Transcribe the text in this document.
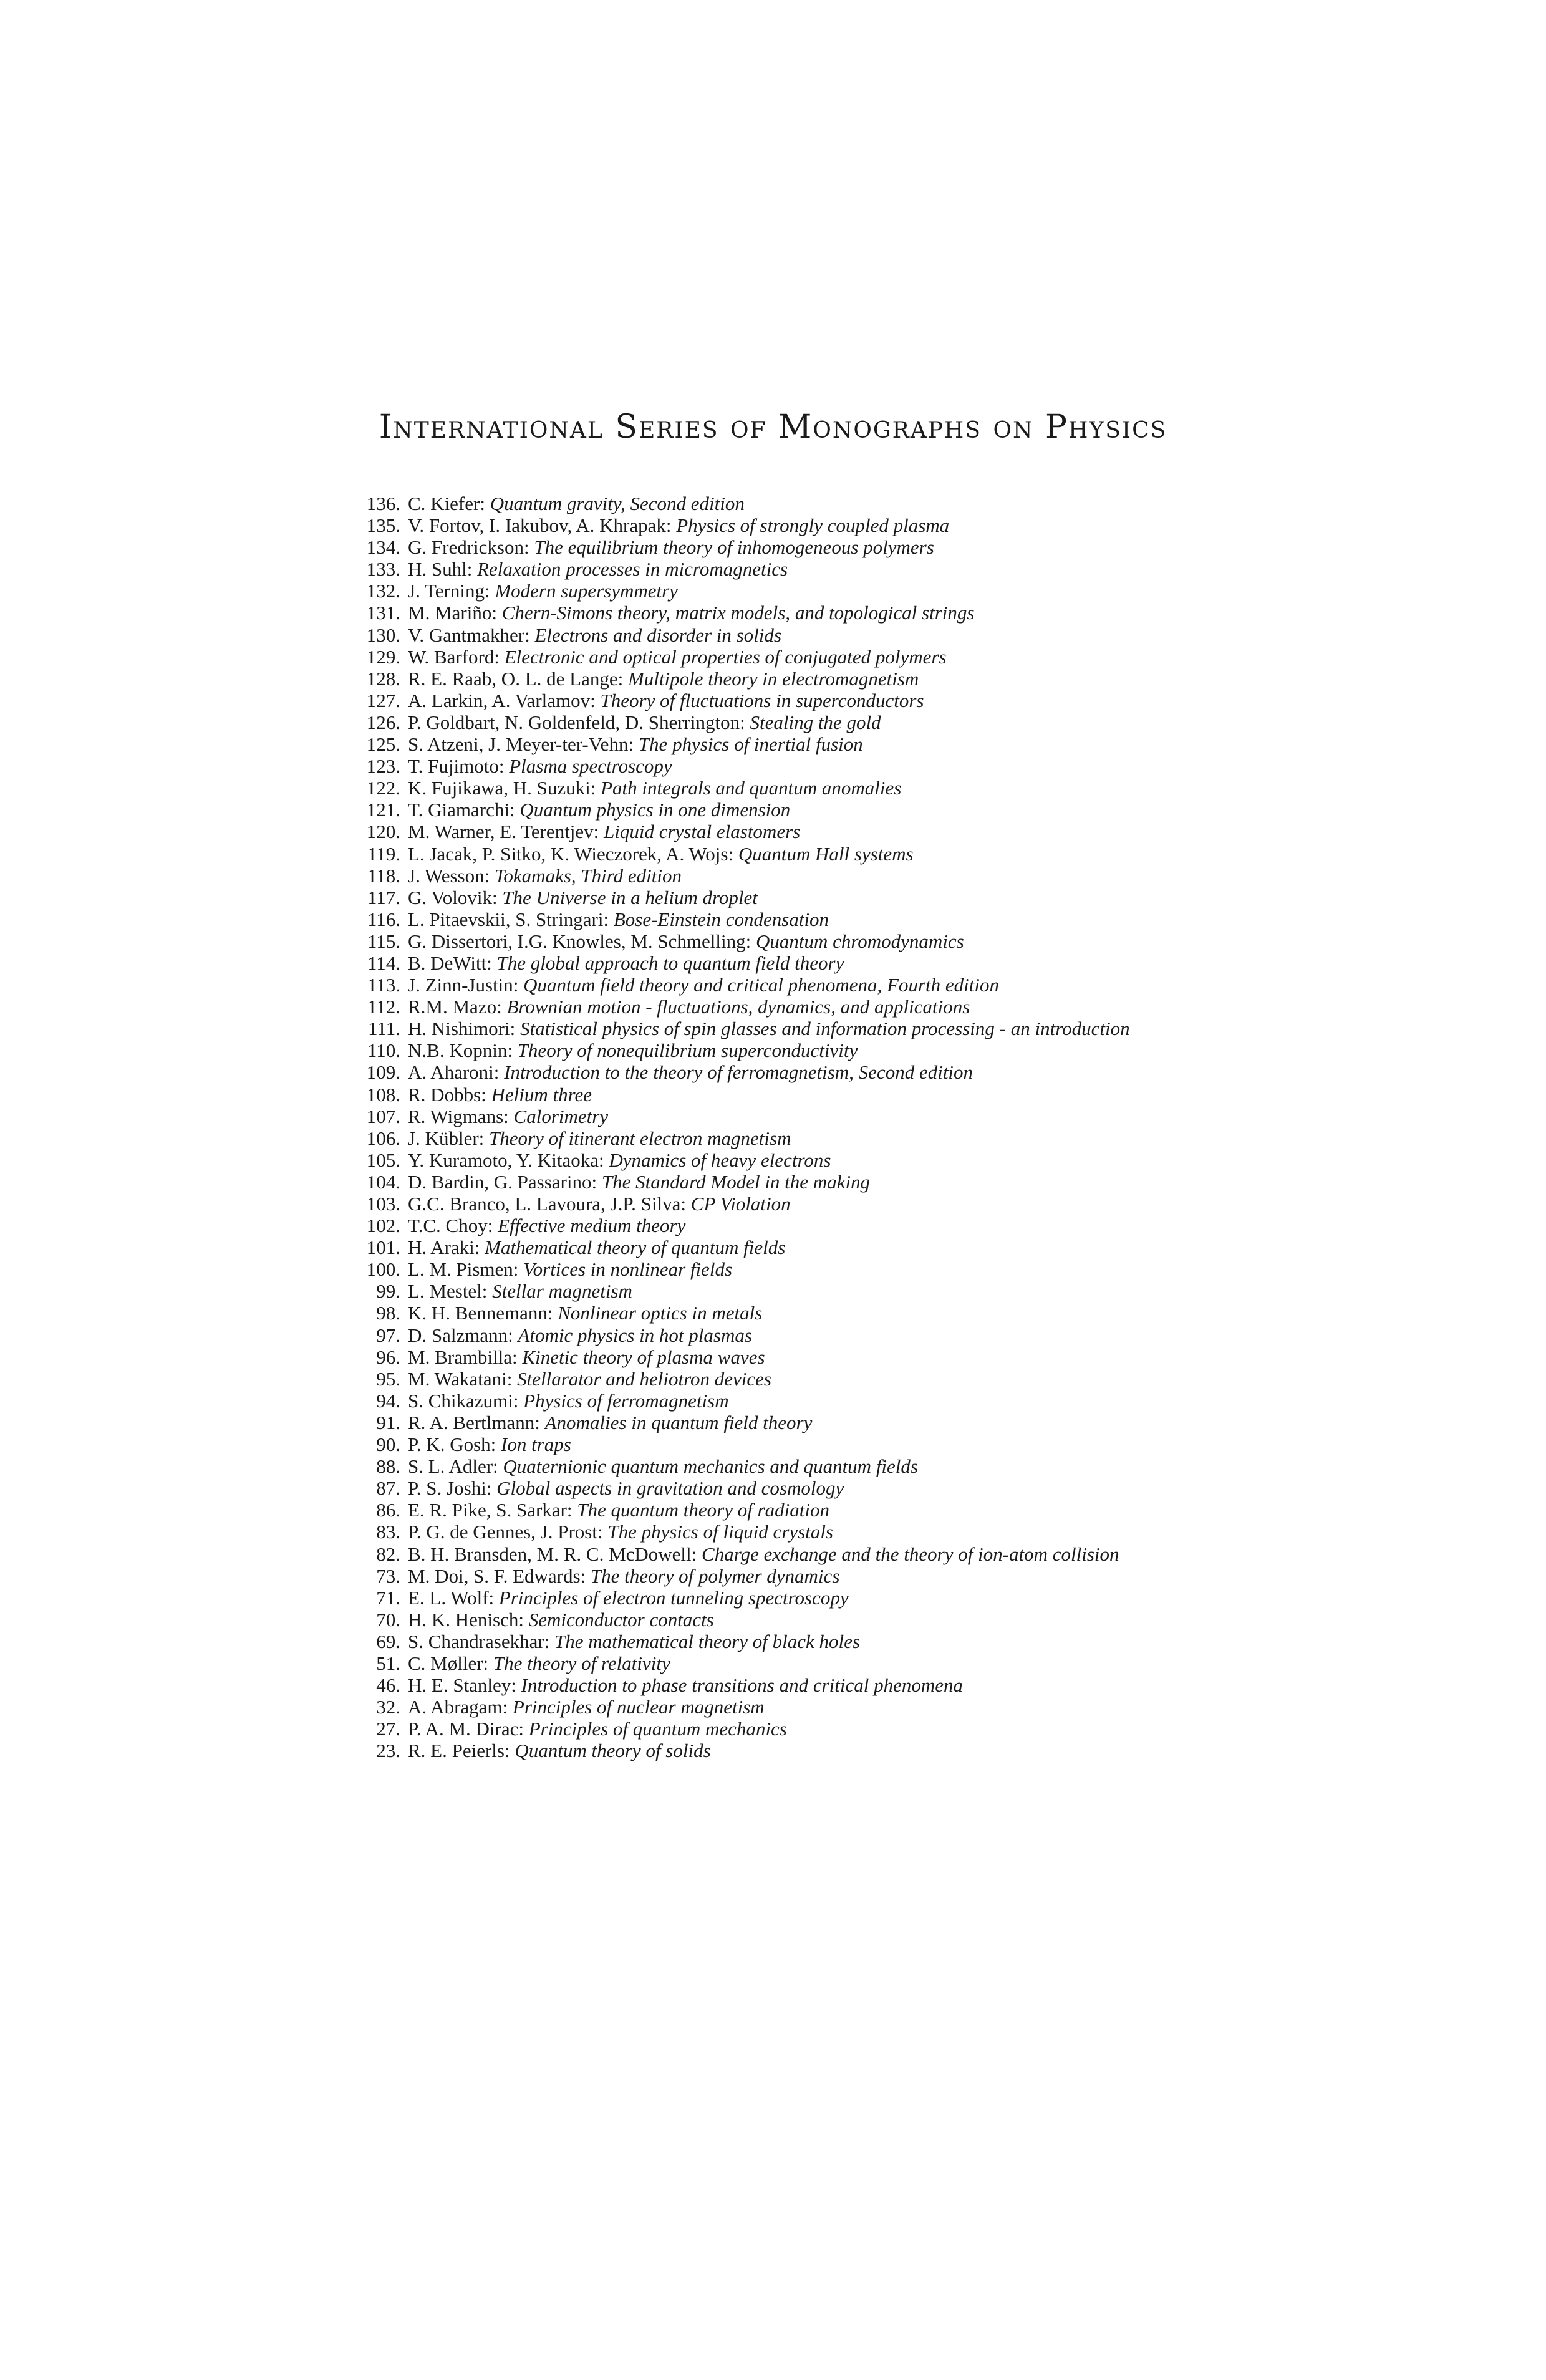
International Series of Monographs on Physics
136. C. Kiefer: Quantum gravity, Second edition
135. V. Fortov, I. Iakubov, A. Khrapak: Physics of strongly coupled plasma
134. G. Fredrickson: The equilibrium theory of inhomogeneous polymers
133. H. Suhl: Relaxation processes in micromagnetics
132. J. Terning: Modern supersymmetry
131. M. Mariño: Chern-Simons theory, matrix models, and topological strings
130. V. Gantmakher: Electrons and disorder in solids
129. W. Barford: Electronic and optical properties of conjugated polymers
128. R. E. Raab, O. L. de Lange: Multipole theory in electromagnetism
127. A. Larkin, A. Varlamov: Theory of fluctuations in superconductors
126. P. Goldbart, N. Goldenfeld, D. Sherrington: Stealing the gold
125. S. Atzeni, J. Meyer-ter-Vehn: The physics of inertial fusion
123. T. Fujimoto: Plasma spectroscopy
122. K. Fujikawa, H. Suzuki: Path integrals and quantum anomalies
121. T. Giamarchi: Quantum physics in one dimension
120. M. Warner, E. Terentjev: Liquid crystal elastomers
119. L. Jacak, P. Sitko, K. Wieczorek, A. Wojs: Quantum Hall systems
118. J. Wesson: Tokamaks, Third edition
117. G. Volovik: The Universe in a helium droplet
116. L. Pitaevskii, S. Stringari: Bose-Einstein condensation
115. G. Dissertori, I.G. Knowles, M. Schmelling: Quantum chromodynamics
114. B. DeWitt: The global approach to quantum field theory
113. J. Zinn-Justin: Quantum field theory and critical phenomena, Fourth edition
112. R.M. Mazo: Brownian motion - fluctuations, dynamics, and applications
111. H. Nishimori: Statistical physics of spin glasses and information processing - an introduction
110. N.B. Kopnin: Theory of nonequilibrium superconductivity
109. A. Aharoni: Introduction to the theory of ferromagnetism, Second edition
108. R. Dobbs: Helium three
107. R. Wigmans: Calorimetry
106. J. Kübler: Theory of itinerant electron magnetism
105. Y. Kuramoto, Y. Kitaoka: Dynamics of heavy electrons
104. D. Bardin, G. Passarino: The Standard Model in the making
103. G.C. Branco, L. Lavoura, J.P. Silva: CP Violation
102. T.C. Choy: Effective medium theory
101. H. Araki: Mathematical theory of quantum fields
100. L. M. Pismen: Vortices in nonlinear fields
99. L. Mestel: Stellar magnetism
98. K. H. Bennemann: Nonlinear optics in metals
97. D. Salzmann: Atomic physics in hot plasmas
96. M. Brambilla: Kinetic theory of plasma waves
95. M. Wakatani: Stellarator and heliotron devices
94. S. Chikazumi: Physics of ferromagnetism
91. R. A. Bertlmann: Anomalies in quantum field theory
90. P. K. Gosh: Ion traps
88. S. L. Adler: Quaternionic quantum mechanics and quantum fields
87. P. S. Joshi: Global aspects in gravitation and cosmology
86. E. R. Pike, S. Sarkar: The quantum theory of radiation
83. P. G. de Gennes, J. Prost: The physics of liquid crystals
82. B. H. Bransden, M. R. C. McDowell: Charge exchange and the theory of ion-atom collision
73. M. Doi, S. F. Edwards: The theory of polymer dynamics
71. E. L. Wolf: Principles of electron tunneling spectroscopy
70. H. K. Henisch: Semiconductor contacts
69. S. Chandrasekhar: The mathematical theory of black holes
51. C. Møller: The theory of relativity
46. H. E. Stanley: Introduction to phase transitions and critical phenomena
32. A. Abragam: Principles of nuclear magnetism
27. P. A. M. Dirac: Principles of quantum mechanics
23. R. E. Peierls: Quantum theory of solids
